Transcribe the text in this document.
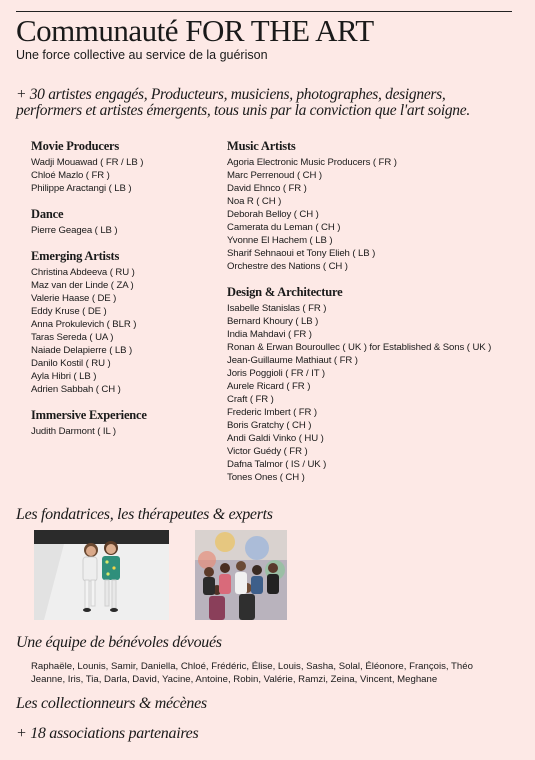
Communauté FOR THE ART
Une force collective au service de la guérison
+ 30 artistes engagés, Producteurs, musiciens, photographes, designers,
performers et artistes émergents, tous unis par la conviction que l'art soigne.
Movie Producers
Wadji Mouawad ( FR / LB )
Chloé Mazlo ( FR )
Philippe Aractangi ( LB )
Dance
Pierre Geagea ( LB )
Emerging Artists
Christina Abdeeva ( RU )
Maz van der Linde ( ZA )
Valerie Haase ( DE )
Eddy Kruse ( DE )
Anna Prokulevich ( BLR )
Taras Sereda ( UA )
Naiade Delapierre ( LB )
Danilo Kostil ( RU )
Ayla Hibri ( LB )
Adrien Sabbah ( CH )
Immersive Experience
Judith Darmont ( IL )
Music Artists
Agoria Electronic Music Producers ( FR )
Marc Perrenoud ( CH )
David Ehnco ( FR )
Noa R ( CH )
Deborah Belloy ( CH )
Camerata du Leman ( CH )
Yvonne El Hachem ( LB )
Sharif Sehnaoui et Tony Elieh ( LB )
Orchestre des Nations ( CH )
Design & Architecture
Isabelle Stanislas ( FR )
Bernard Khoury ( LB )
India Mahdavi ( FR )
Ronan & Erwan Bouroullec ( UK ) for Established & Sons ( UK )
Jean-Guillaume Mathiaut ( FR )
Joris Poggioli ( FR / IT )
Aurele Ricard ( FR )
Craft ( FR )
Frederic Imbert ( FR )
Boris Gratchy ( CH )
Andi Galdi Vinko ( HU )
Victor Guédy ( FR )
Dafna Talmor ( IS / UK )
Tones Ones ( CH )
Les fondatrices, les thérapeutes & experts
Une équipe de bénévoles dévoués
Raphaële, Lounis, Samir, Daniella, Chloé, Frédéric, Élise, Louis, Sasha, Solal, Éléonore, François, Théo
Jeanne, Iris, Tia, Darla, David, Yacine, Antoine, Robin, Valérie, Ramzi, Zeina, Vincent, Meghane
Les collectionneurs & mécènes
+ 18 associations partenaires
